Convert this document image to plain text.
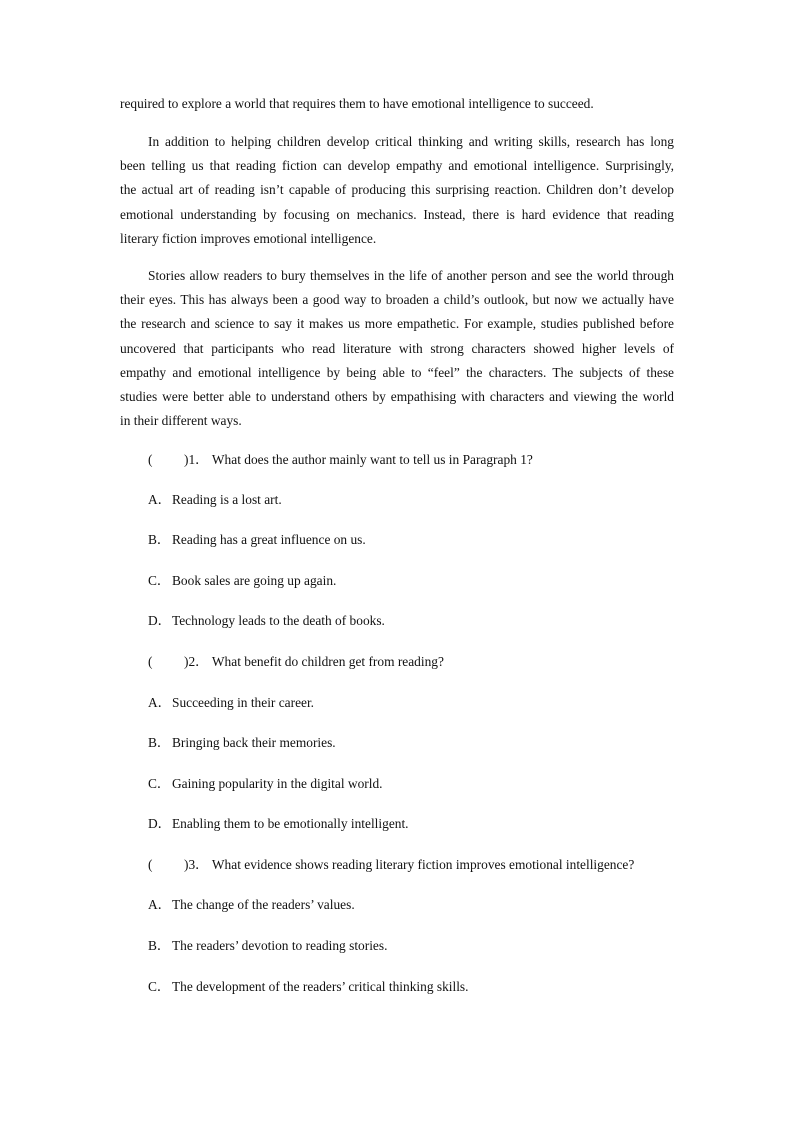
required to explore a world that requires them to have emotional intelligence to succeed.
In addition to helping children develop critical thinking and writing skills, research has long
been telling us that reading fiction can develop empathy and emotional intelligence. Surprisingly,
the actual art of reading isn’t capable of producing this surprising reaction. Children don’t develop
emotional understanding by focusing on mechanics. Instead, there is hard evidence that reading
literary fiction improves emotional intelligence.
Stories allow readers to bury themselves in the life of another person and see the world through
their eyes. This has always been a good way to broaden a child’s outlook, but now we actually have
the research and science to say it makes us more empathetic. For example, studies published before
uncovered that participants who read literature with strong characters showed higher levels of
empathy and emotional intelligence by being able to “feel” the characters. The subjects of these
studies were better able to understand others by empathising with characters and viewing the world
in their different ways.
( )1． What does the author mainly want to tell us in Paragraph 1?
A．Reading is a lost art.
B． Reading has a great influence on us.
C． Book sales are going up again.
D．Technology leads to the death of books.
( )2． What benefit do children get from reading?
A．Succeeding in their career.
B． Bringing back their memories.
C． Gaining popularity in the digital world.
D．Enabling them to be emotionally intelligent.
( )3． What evidence shows reading literary fiction improves emotional intelligence?
A．The change of the readers’ values.
B． The readers’ devotion to reading stories.
C． The development of the readers’ critical thinking skills.
